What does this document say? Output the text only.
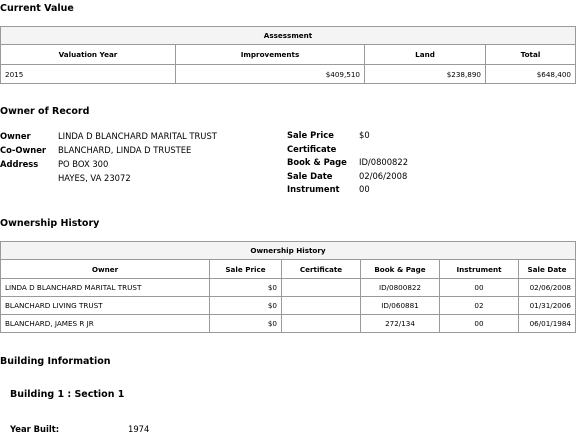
Current Value
Assessment			
Valuation Year	Improvements	Land	Total
2015	$409,510	$238,890	$648,400
Owner of Record
Owner	LINDA D BLANCHARD MARITAL TRUST
Co-Owner BLANCHARD, LINDA D TRUSTEE
Address PO BOX 300
HAYES, VA 23072
Sale Price	$0
Certificate
Book & Page ID/0800822
Sale Date	02/06/2008
Instrument 00
Ownership History
Ownership History					
Owner	Sale Price	Certificate	Book & Page	Instrument	Sale Date
LINDA D BLANCHARD MARITAL TRUST	$0		ID/0800822	00	02/06/2008
BLANCHARD LIVING TRUST	$0		ID/060881	02	01/31/2006
BLANCHARD, JAMES R JR	$0		272/134	00	06/01/1984
Building Information
Building 1 : Section 1
Year Built:	1974
